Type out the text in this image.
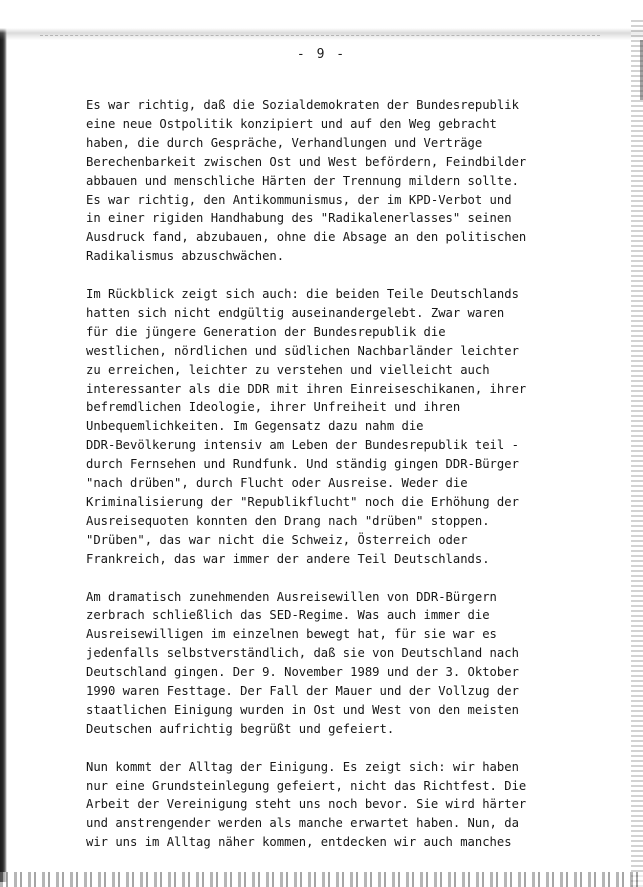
- 9 -
Es war richtig, daß die Sozialdemokraten der Bundesrepublik
eine neue Ostpolitik konzipiert und auf den Weg gebracht
haben, die durch Gespräche, Verhandlungen und Verträge
Berechenbarkeit zwischen Ost und West befördern, Feindbilder
abbauen und menschliche Härten der Trennung mildern sollte.
Es war richtig, den Antikommunismus, der im KPD-Verbot und
in einer rigiden Handhabung des "Radikalenerlasses" seinen
Ausdruck fand, abzubauen, ohne die Absage an den politischen
Radikalismus abzuschwächen.
Im Rückblick zeigt sich auch: die beiden Teile Deutschlands
hatten sich nicht endgültig auseinandergelebt. Zwar waren
für die jüngere Generation der Bundesrepublik die
westlichen, nördlichen und südlichen Nachbarländer leichter
zu erreichen, leichter zu verstehen und vielleicht auch
interessanter als die DDR mit ihren Einreiseschikanen, ihrer
befremdlichen Ideologie, ihrer Unfreiheit und ihren
Unbequemlichkeiten. Im Gegensatz dazu nahm die
DDR-Bevölkerung intensiv am Leben der Bundesrepublik teil -
durch Fernsehen und Rundfunk. Und ständig gingen DDR-Bürger
"nach drüben", durch Flucht oder Ausreise. Weder die
Kriminalisierung der "Republikflucht" noch die Erhöhung der
Ausreisequoten konnten den Drang nach "drüben" stoppen.
"Drüben", das war nicht die Schweiz, Österreich oder
Frankreich, das war immer der andere Teil Deutschlands.
Am dramatisch zunehmenden Ausreisewillen von DDR-Bürgern
zerbrach schließlich das SED-Regime. Was auch immer die
Ausreisewilligen im einzelnen bewegt hat, für sie war es
jedenfalls selbstverständlich, daß sie von Deutschland nach
Deutschland gingen. Der 9. November 1989 und der 3. Oktober
1990 waren Festtage. Der Fall der Mauer und der Vollzug der
staatlichen Einigung wurden in Ost und West von den meisten
Deutschen aufrichtig begrüßt und gefeiert.
Nun kommt der Alltag der Einigung. Es zeigt sich: wir haben
nur eine Grundsteinlegung gefeiert, nicht das Richtfest. Die
Arbeit der Vereinigung steht uns noch bevor. Sie wird härter
und anstrengender werden als manche erwartet haben. Nun, da
wir uns im Alltag näher kommen, entdecken wir auch manches
